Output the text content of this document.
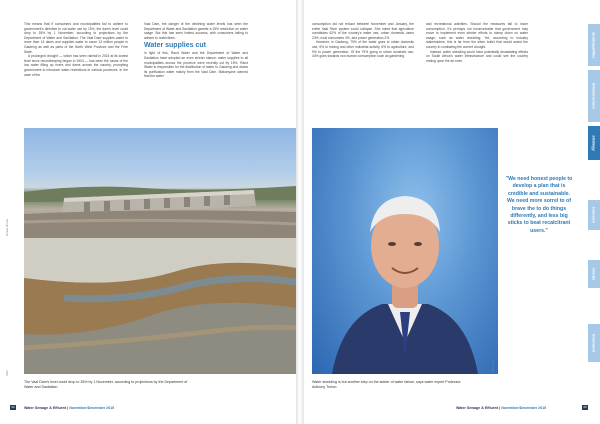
This means that if consumers and municipalities fail to adhere to government's directive to cut water use by 15%, the dam's level could drop to 35% by 1 November, according to projections by the Department of Water and Sanitation. The Vaal Dam supplies water to more than 14 dams and supplies water to some 13 million people in Gauteng as well as parts of the North West Province and the Free State.

A prolonged drought — which has seen rainfall in 2015 at its lowest level since recordkeeping began in 1904 — has been the cause of the low water filling up rivers and dams across the country, prompting government to introduce water restrictions in various provinces. In the case of the

Vaal Dam, the danger of the declining water levels has seen the Department of Water and Sanitation gazette a 15% restriction on water usage. But this has seen limited success, with consumers failing to adhere to restrictions.

Water supplies cut

In light of this, Rand Water and the Department of Water and Sanitation have adopted an even stricter stance: water supplies to all municipalities across the province were recently cut by 15%. Rand Water is responsible for the distribution of water to Gauteng and draws its purification water mainly from the Vaal Dam. Makanyane warned that the water

Arnaud RIEDEL
DWS
The Vaal Dam's level could drop to 35% by 1 November, according to projections by the Department of Water and Sanitation.
22	Water Sewage & Effluent | November/December 2015

consumption did not reduce between November and January, the entire Vaal River system could collapse. She noted that agriculture constitutes 62% of the country's water use, urban domestic users 23%, rural consumers 4%, and power generation 2%.

However, in Gauteng, 79% of the water goes to urban domestic use, 6% to mining and other industrial activity, 6% to agriculture, and 5% to power generation. Of the 79% going to urban domestic use, 44% goes towards non-human consumption such as gardening

and recreational activities. Should the measures fail to lower consumption, it's perhaps not inconceivable that government may move to implement even stricter efforts to clamp down on water usage, such as water shedding. Yet, according to industry stakeholders, this is far from the silver bullet that would assist the country in combating the current drought.

Instead, water shedding could have potentially devastating effects on South Africa's water infrastructure and could see the country resting upon the an even

Molly Sha...
Water shedding is but another step on the ladder of water failure, says water expert Professor Anthony Turton.
"We need honest people to develop a plan that is credible and sustainable. We need more sorrel to of brave the to do things differently, and less big sticks to beat recalcitrant users."
municipalities
infrastructure
strategy
industry
events
treatment
Water Sewage & Effluent | November/December 2015	23
